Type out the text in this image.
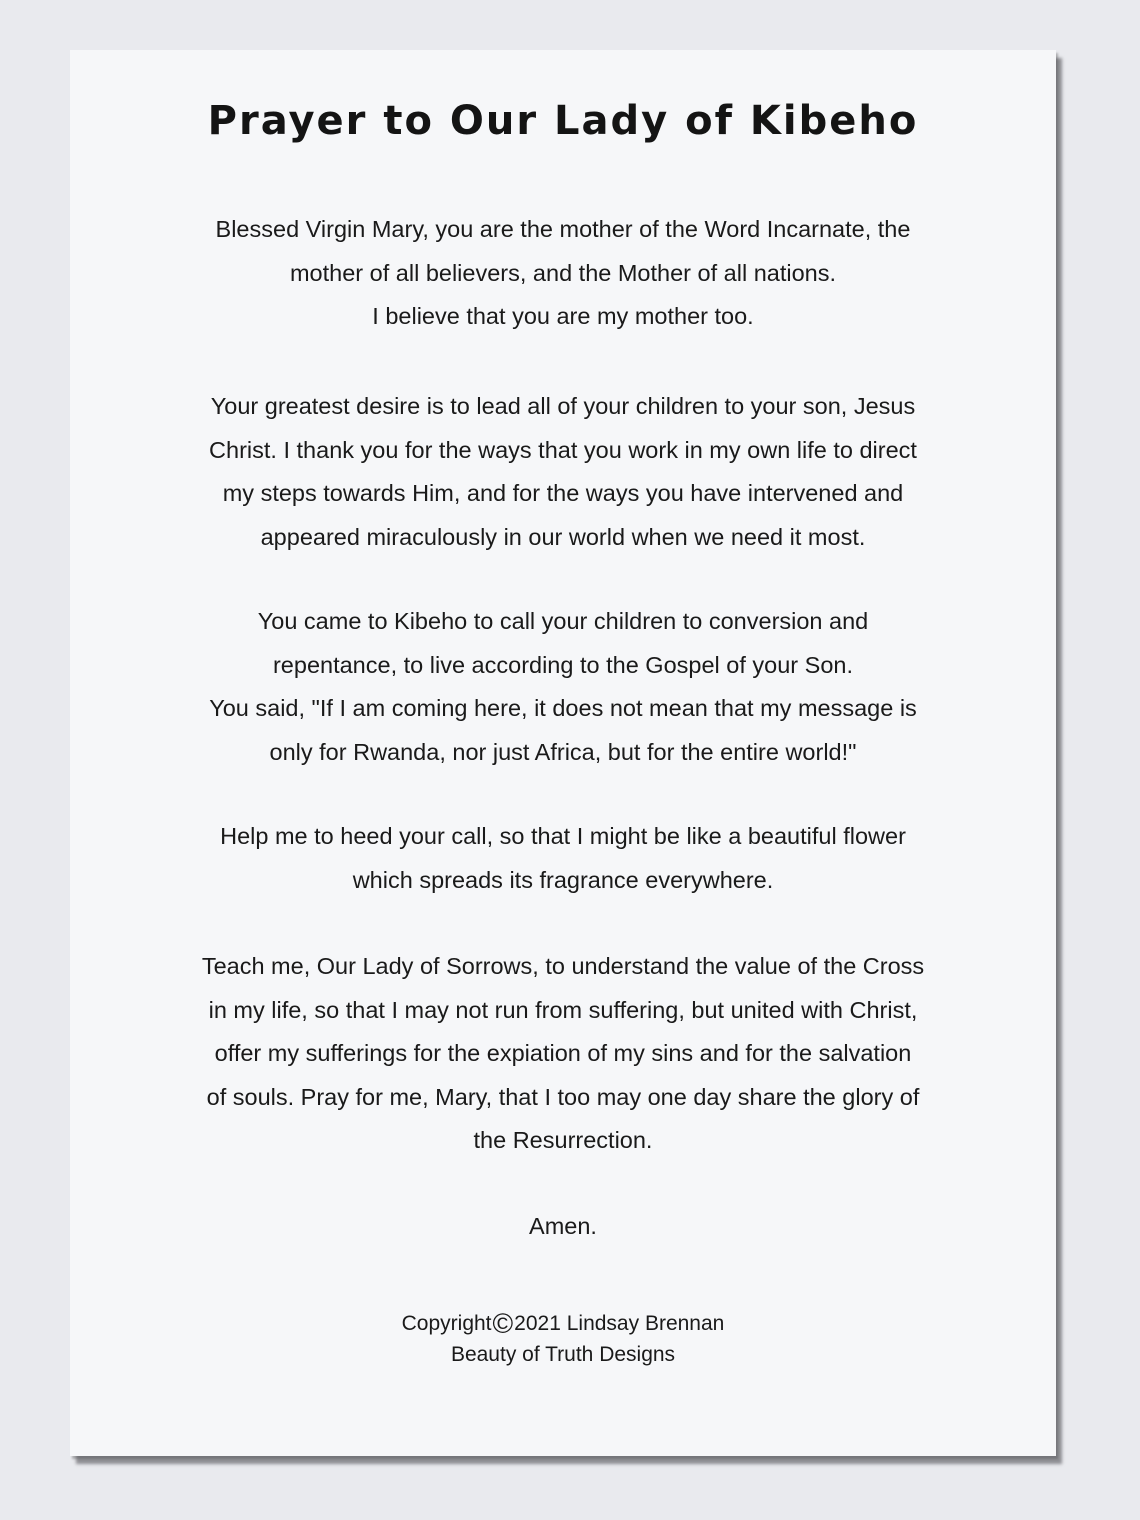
Prayer to Our Lady of Kibeho

Blessed Virgin Mary, you are the mother of the Word Incarnate, the
mother of all believers, and the Mother of all nations.
I believe that you are my mother too.

Your greatest desire is to lead all of your children to your son, Jesus
Christ. I thank you for the ways that you work in my own life to direct
my steps towards Him, and for the ways you have intervened and
appeared miraculously in our world when we need it most.

You came to Kibeho to call your children to conversion and
repentance, to live according to the Gospel of your Son.
You said, "If I am coming here, it does not mean that my message is
only for Rwanda, nor just Africa, but for the entire world!"

Help me to heed your call, so that I might be like a beautiful flower
which spreads its fragrance everywhere.

Teach me, Our Lady of Sorrows, to understand the value of the Cross
in my life, so that I may not run from suffering, but united with Christ,
offer my sufferings for the expiation of my sins and for the salvation
of souls. Pray for me, Mary, that I too may one day share the glory of
the Resurrection.

Amen.

Copyright©2021 Lindsay Brennan
Beauty of Truth Designs
